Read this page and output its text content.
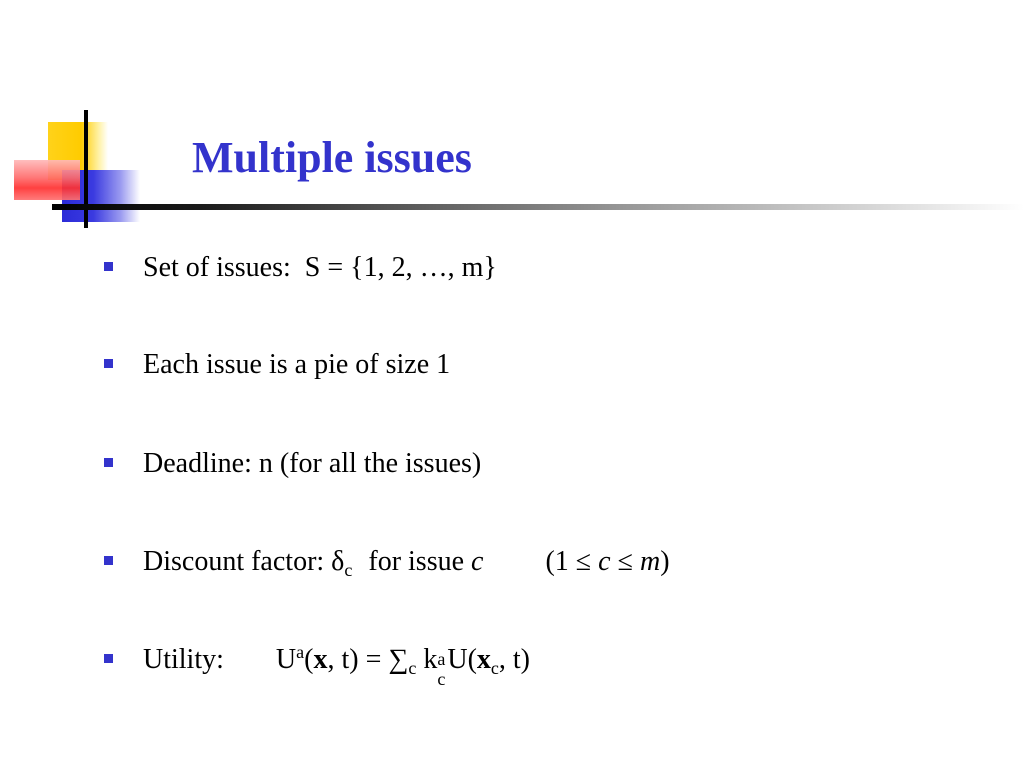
Multiple issues
Set of issues: S = {1, 2, …, m}
Each issue is a pie of size 1
Deadline: n (for all the issues)
Discount factor: $\delta_c$ for issue c (1 ≤ c ≤ m)
Utility: $U^a(x$, $t) = \sum_c$ k a
c
$U(x_c$, t)
